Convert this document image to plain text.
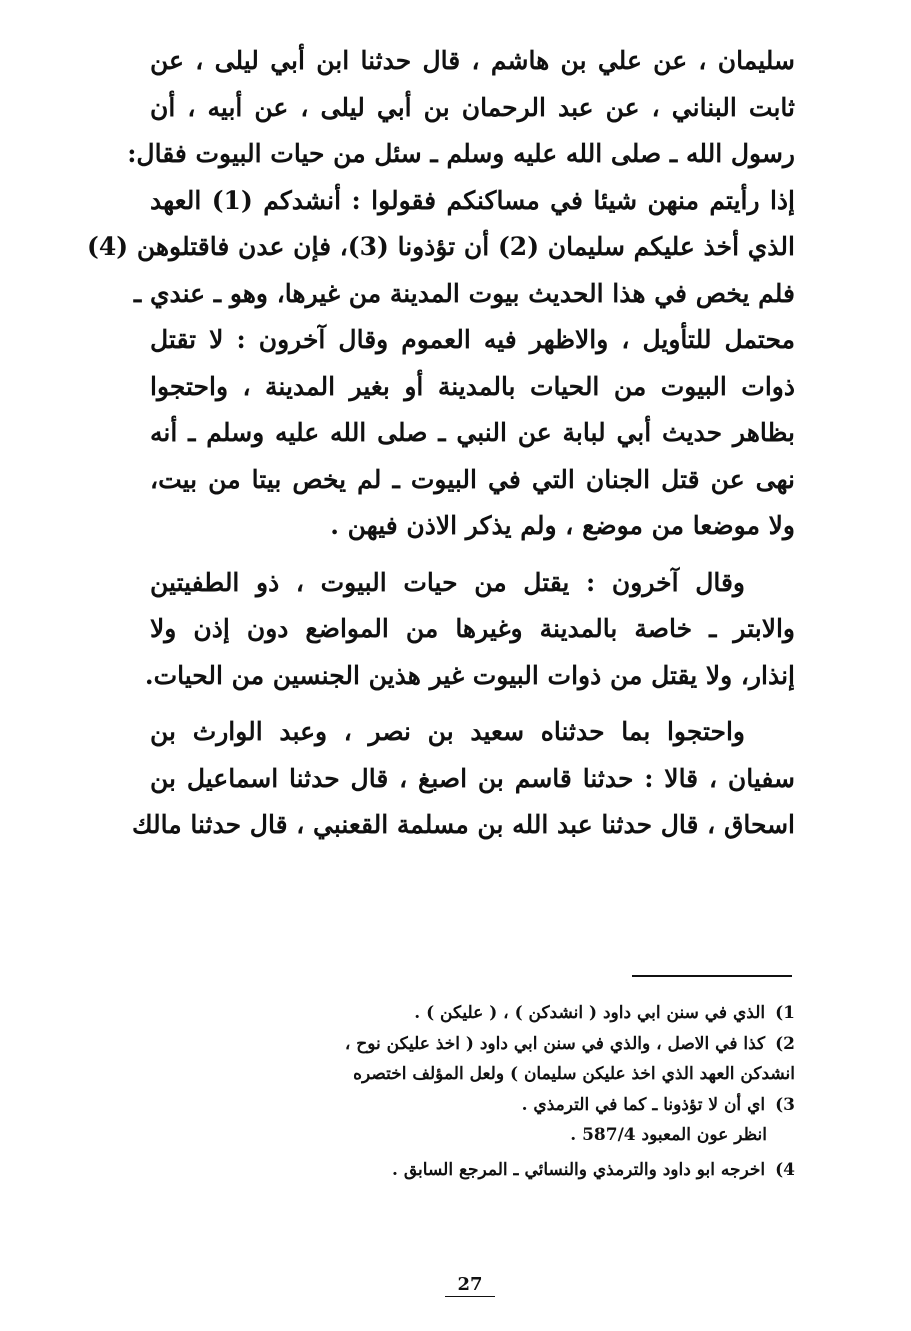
سليمان ، عن علي بن هاشم ، قال حدثنا ابن أبي ليلى ، عن
ثابت البناني ، عن عبد الرحمان بن أبي ليلى ، عن أبيه ، أن
رسول الله ـ صلى الله عليه وسلم ـ سئل من حيات البيوت فقال:
إذا رأيتم منهن شيئا في مساكنكم فقولوا : أنشدكم (1) العهد
الذي أخذ عليكم سليمان (2) أن تؤذونا (3)، فإن عدن فاقتلوهن (4)
فلم يخص في هذا الحديث بيوت المدينة من غيرها، وهو ـ عندي ـ
محتمل للتأويل ، والاظهر فيه العموم وقال آخرون : لا تقتل
ذوات البيوت من الحيات بالمدينة أو بغير المدينة ، واحتجوا
بظاهر حديث أبي لبابة عن النبي ـ صلى الله عليه وسلم ـ أنه
نهى عن قتل الجنان التي في البيوت ـ لم يخص بيتا من بيت،
ولا موضعا من موضع ، ولم يذكر الاذن فيهن .
وقال آخرون : يقتل من حيات البيوت ، ذو الطفيتين
والابتر ـ خاصة بالمدينة وغيرها من المواضع دون إذن ولا
إنذار، ولا يقتل من ذوات البيوت غير هذين الجنسين من الحيات.
واحتجوا بما حدثناه سعيد بن نصر ، وعبد الوارث بن
سفيان ، قالا : حدثنا قاسم بن اصبغ ، قال حدثنا اسماعيل بن
اسحاق ، قال حدثنا عبد الله بن مسلمة القعنبي ، قال حدثنا مالك
1)الذي في سنن ابي داود ( انشدكن ) ، ( عليكن ) .
2)كذا في الاصل ، والذي في سنن ابي داود ( اخذ عليكن نوح ،
انشدكن العهد الذي اخذ عليكن سليمان ) ولعل المؤلف اختصره
3)اي أن لا تؤذونا ـ كما في الترمذي .
انظر عون المعبود 587/4 .
4)اخرجه ابو داود والترمذي والنسائي ـ المرجع السابق .
27
